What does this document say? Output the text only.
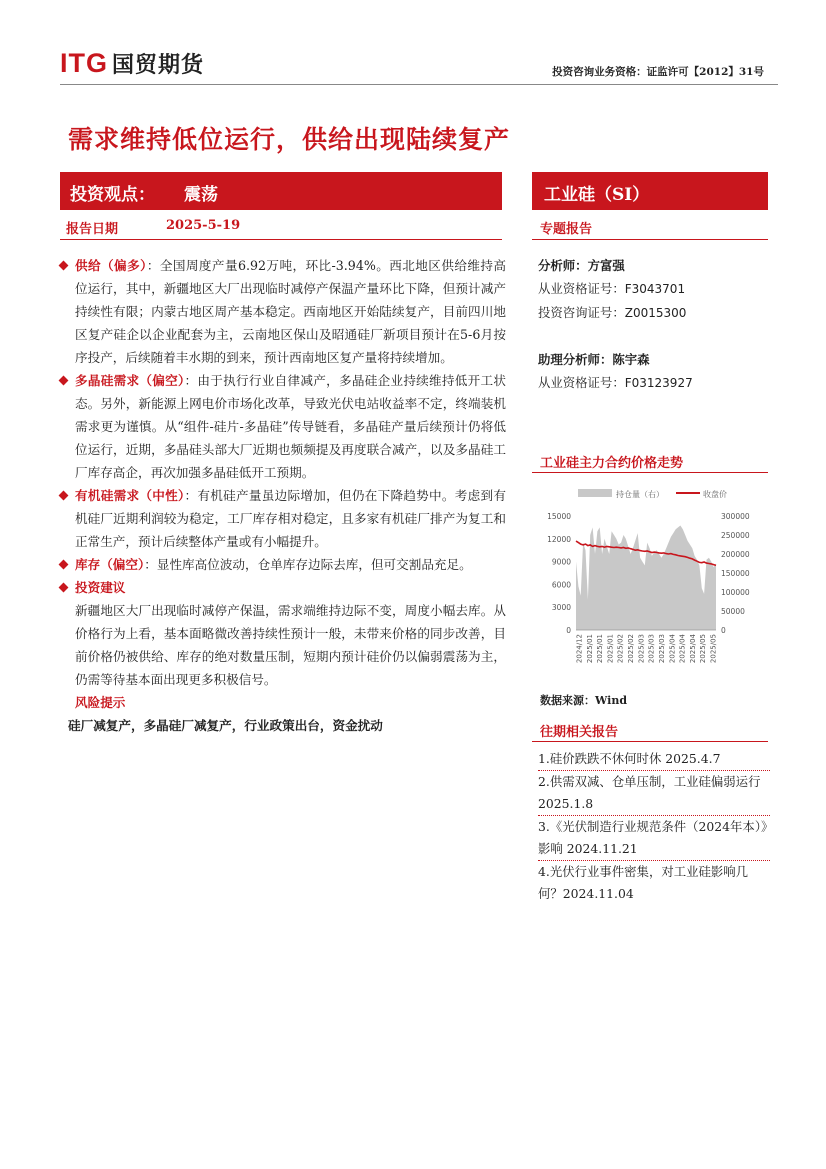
ITG 国贸期货	投资咨询业务资格：证监许可【2012】31号
需求维持低位运行，供给出现陆续复产
投资观点： 震荡	工业硅（SI）
报告日期	2025-5-19	专题报告
供给（偏多）：全国周度产量6.92万吨，环比-3.94%。西北地区供给维持高位运行，其中，新疆地区大厂出现临时减停产保温产量环比下降，但预计减产持续性有限；内蒙古地区周产基本稳定。西南地区开始陆续复产，目前四川地区复产硅企以企业配套为主，云南地区保山及昭通硅厂新项目预计在5-6月按序投产，后续随着丰水期的到来，预计西南地区复产量将持续增加。
多晶硅需求（偏空）：由于执行行业自律减产，多晶硅企业持续维持低开工状态。另外，新能源上网电价市场化改革，导致光伏电站收益率不定，终端装机需求更为谨慎。从“组件-硅片-多晶硅”传导链看，多晶硅产量后续预计仍将低位运行，近期，多晶硅头部大厂近期也频频提及再度联合减产，以及多晶硅工厂库存高企，再次加强多晶硅低开工预期。
有机硅需求（中性）：有机硅产量虽边际增加，但仍在下降趋势中。考虑到有机硅厂近期利润较为稳定，工厂库存相对稳定，且多家有机硅厂排产为复工和正常生产，预计后续整体产量或有小幅提升。
库存（偏空）：显性库高位波动，仓单库存边际去库，但可交割品充足。
投资建议
新疆地区大厂出现临时减停产保温，需求端维持边际不变，周度小幅去库。从价格行为上看，基本面略微改善持续性预计一般，未带来价格的同步改善，目前价格仍被供给、库存的绝对数量压制，短期内预计硅价仍以偏弱震荡为主，仍需等待基本面出现更多积极信号。
风险提示
硅厂减复产，多晶硅厂减复产，行业政策出台，资金扰动
分析师：方富强
从业资格证号：F3043701
投资咨询证号：Z0015300
助理分析师：陈宇森
从业资格证号：F03123927
工业硅主力合约价格走势
持仓量（右）	收盘价
15000
12000
9000
6000
3000
0
300000
250000
200000
150000
100000
50000
0
2024/12 2025/01 2025/01 2025/01 2025/02 2025/02 2025/03 2025/03 2025/03 2025/04 2025/04 2025/04 2025/05 2025/05
数据来源：Wind
往期相关报告
1.硅价跌跌不休何时休 2025.4.7
2.供需双减、仓单压制，工业硅偏弱运行 2025.1.8
3.《光伏制造行业规范条件（2024年本）》影响 2024.11.21
4.光伏行业事件密集，对工业硅影响几何？2024.11.04
